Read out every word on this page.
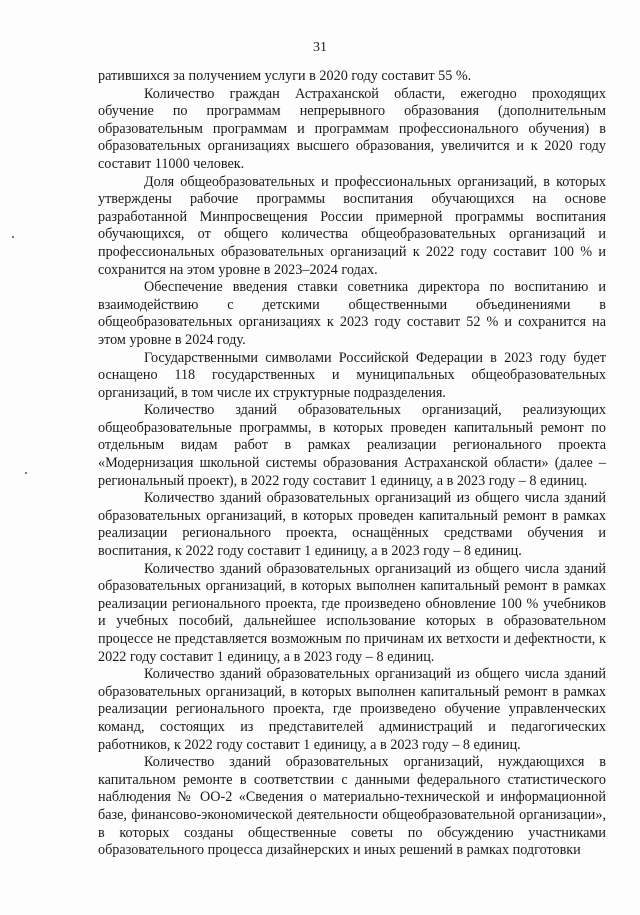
31

ратившихся за получением услуги в 2020 году составит 55 %.

Количество граждан Астраханской области, ежегодно проходящих обучение по программам непрерывного образования (дополнительным образовательным программам и программам профессионального обучения) в образовательных организациях высшего образования, увеличится и к 2020 году составит 11000 человек.

Доля общеобразовательных и профессиональных организаций, в которых утверждены рабочие программы воспитания обучающихся на основе разработанной Минпросвещения России примерной программы воспитания обучающихся, от общего количества общеобразовательных организаций и профессиональных образовательных организаций к 2022 году составит 100 % и сохранится на этом уровне в 2023–2024 годах.

Обеспечение введения ставки советника директора по воспитанию и взаимодействию с детскими общественными объединениями в общеобразовательных организациях к 2023 году составит 52 % и сохранится на этом уровне в 2024 году.

Государственными символами Российской Федерации в 2023 году будет оснащено 118 государственных и муниципальных общеобразовательных организаций, в том числе их структурные подразделения.

Количество зданий образовательных организаций, реализующих общеобразовательные программы, в которых проведен капитальный ремонт по отдельным видам работ в рамках реализации регионального проекта «Модернизация школьной системы образования Астраханской области» (далее – региональный проект), в 2022 году составит 1 единицу, а в 2023 году – 8 единиц.

Количество зданий образовательных организаций из общего числа зданий образовательных организаций, в которых проведен капитальный ремонт в рамках реализации регионального проекта, оснащённых средствами обучения и воспитания, к 2022 году составит 1 единицу, а в 2023 году – 8 единиц.

Количество зданий образовательных организаций из общего числа зданий образовательных организаций, в которых выполнен капитальный ремонт в рамках реализации регионального проекта, где произведено обновление 100 % учебников и учебных пособий, дальнейшее использование которых в образовательном процессе не представляется возможным по причинам их ветхости и дефектности, к 2022 году составит 1 единицу, а в 2023 году – 8 единиц.

Количество зданий образовательных организаций из общего числа зданий образовательных организаций, в которых выполнен капитальный ремонт в рамках реализации регионального проекта, где произведено обучение управленческих команд, состоящих из представителей администраций и педагогических работников, к 2022 году составит 1 единицу, а в 2023 году – 8 единиц.

Количество зданий образовательных организаций, нуждающихся в капитальном ремонте в соответствии с данными федерального статистического наблюдения № ОО-2 «Сведения о материально-технической и информационной базе, финансово-экономической деятельности общеобразовательной организации», в которых созданы общественные советы по обсуждению участниками образовательного процесса дизайнерских и иных решений в рамках подготовки
